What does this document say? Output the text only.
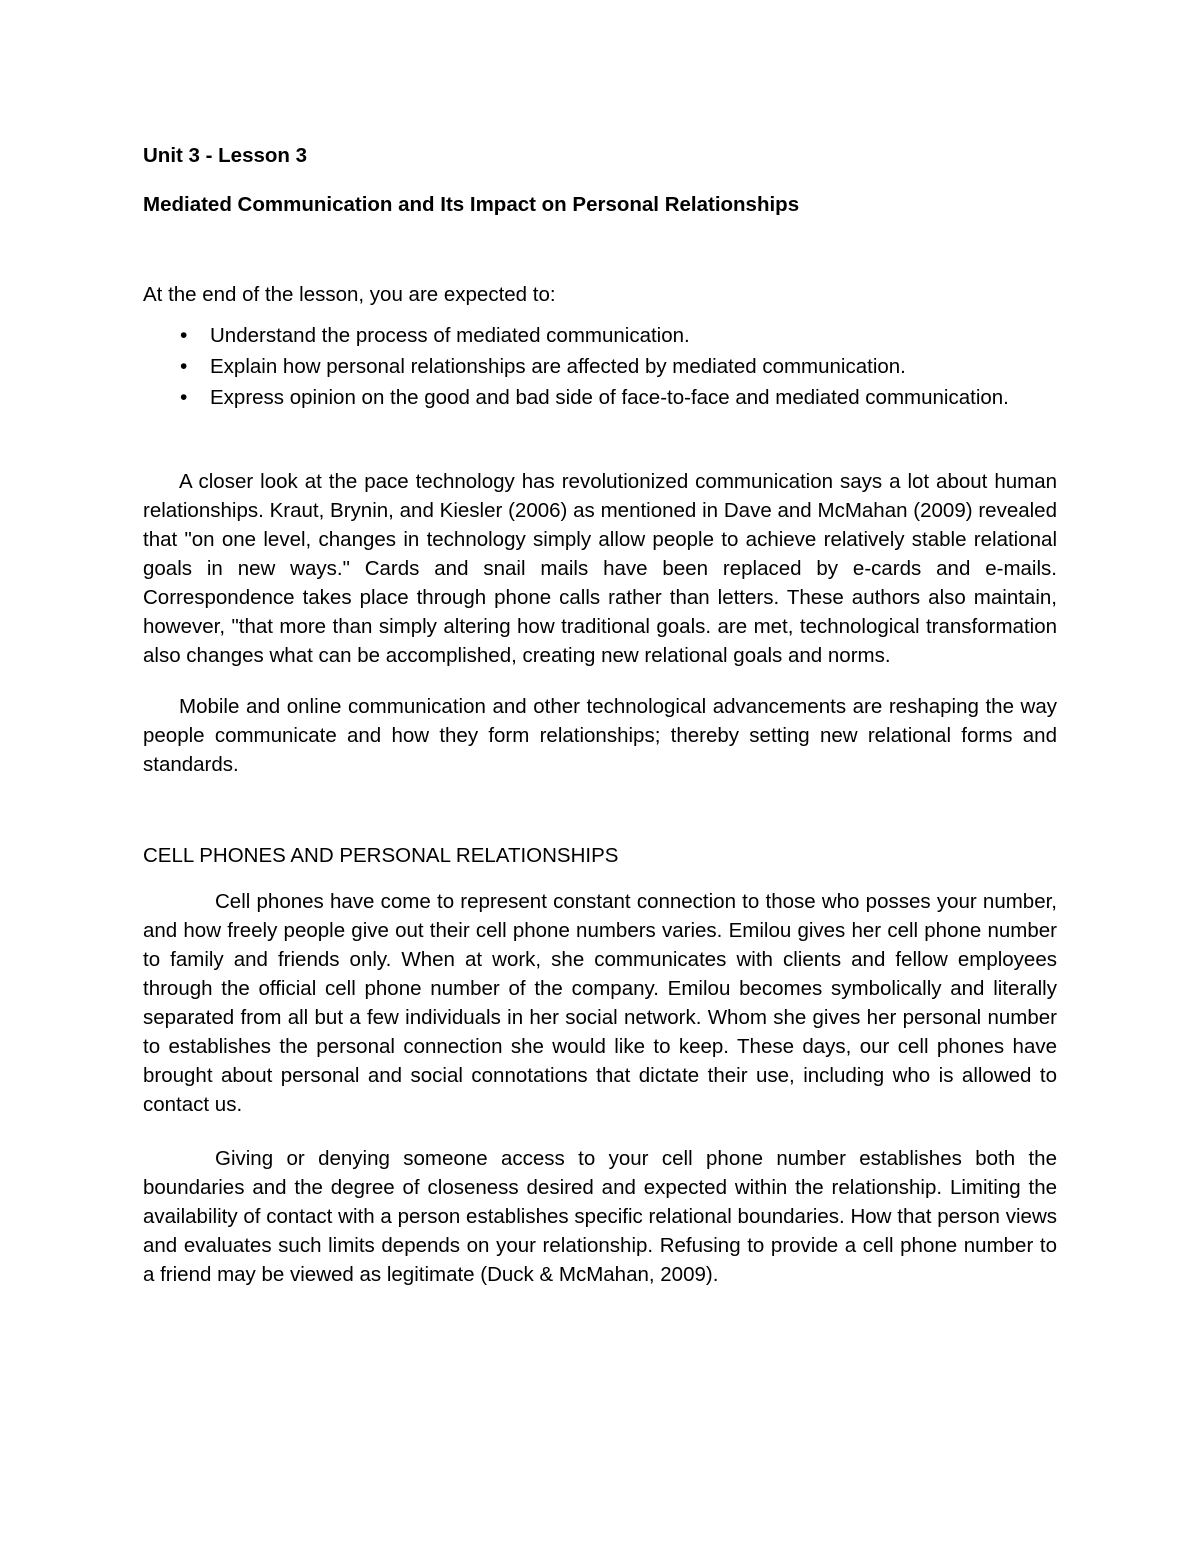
Unit 3 - Lesson 3
Mediated Communication and Its Impact on Personal Relationships

At the end of the lesson, you are expected to:

•
Understand the process of mediated communication.
•
Explain how personal relationships are affected by mediated communication.
•
Express opinion on the good and bad side of face-to-face and mediated communication.

A closer look at the pace technology has revolutionized communication says a lot about human relationships. Kraut, Brynin, and Kiesler (2006) as mentioned in Dave and McMahan (2009) revealed that "on one level, changes in technology simply allow people to achieve relatively stable relational goals in new ways." Cards and snail mails have been replaced by e-cards and e-mails. Correspondence takes place through phone calls rather than letters. These authors also maintain, however, "that more than simply altering how traditional goals. are met, technological transformation also changes what can be accomplished, creating new relational goals and norms.

Mobile and online communication and other technological advancements are reshaping the way people communicate and how they form relationships; thereby setting new relational forms and standards.

CELL PHONES AND PERSONAL RELATIONSHIPS

Cell phones have come to represent constant connection to those who posses your number, and how freely people give out their cell phone numbers varies. Emilou gives her cell phone number to family and friends only. When at work, she communicates with clients and fellow employees through the official cell phone number of the company. Emilou becomes symbolically and literally separated from all but a few individuals in her social network. Whom she gives her personal number to establishes the personal connection she would like to keep. These days, our cell phones have brought about personal and social connotations that dictate their use, including who is allowed to contact us.

Giving or denying someone access to your cell phone number establishes both the boundaries and the degree of closeness desired and expected within the relationship. Limiting the availability of contact with a person establishes specific relational boundaries. How that person views and evaluates such limits depends on your relationship. Refusing to provide a cell phone number to a friend may be viewed as legitimate (Duck & McMahan, 2009).
